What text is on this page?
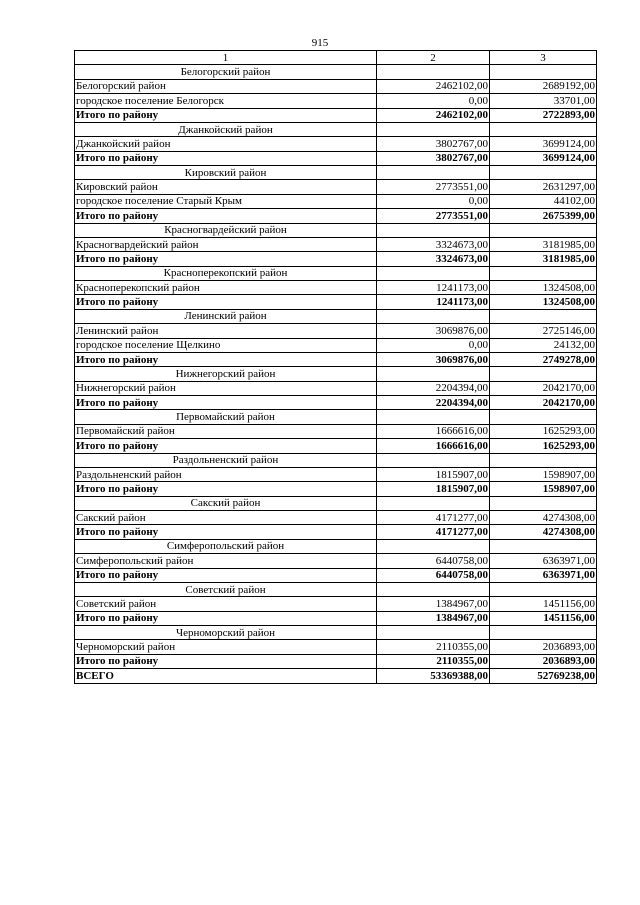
915
1	2	3
Белогорский район		
Белогорский район	2462102,00	2689192,00
городское поселение Белогорск	0,00	33701,00
Итого по району	2462102,00	2722893,00
Джанкойский район		
Джанкойский район	3802767,00	3699124,00
Итого по району	3802767,00	3699124,00
Кировский район		
Кировский район	2773551,00	2631297,00
городское поселение Старый Крым	0,00	44102,00
Итого по району	2773551,00	2675399,00
Красногвардейский район		
Красногвардейский район	3324673,00	3181985,00
Итого по району	3324673,00	3181985,00
Красноперекопский район		
Красноперекопский район	1241173,00	1324508,00
Итого по району	1241173,00	1324508,00
Ленинский район		
Ленинский район	3069876,00	2725146,00
городское поселение Щелкино	0,00	24132,00
Итого по району	3069876,00	2749278,00
Нижнегорский район		
Нижнегорский район	2204394,00	2042170,00
Итого по району	2204394,00	2042170,00
Первомайский район		
Первомайский район	1666616,00	1625293,00
Итого по району	1666616,00	1625293,00
Раздольненский район		
Раздольненский район	1815907,00	1598907,00
Итого по району	1815907,00	1598907,00
Сакский район		
Сакский район	4171277,00	4274308,00
Итого по району	4171277,00	4274308,00
Симферопольский район		
Симферопольский район	6440758,00	6363971,00
Итого по району	6440758,00	6363971,00
Советский район		
Советский район	1384967,00	1451156,00
Итого по району	1384967,00	1451156,00
Черноморский район		
Черноморский район	2110355,00	2036893,00
Итого по району	2110355,00	2036893,00
ВСЕГО	53369388,00	52769238,00
